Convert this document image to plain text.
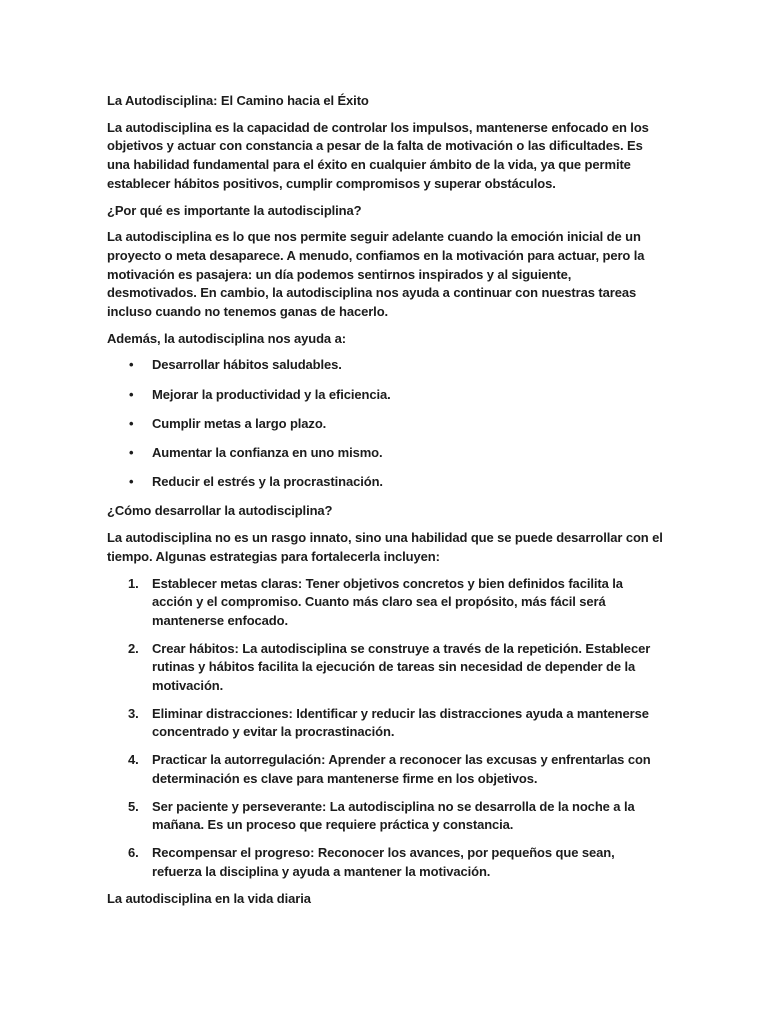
La Autodisciplina: El Camino hacia el Éxito

La autodisciplina es la capacidad de controlar los impulsos, mantenerse enfocado en los objetivos y actuar con constancia a pesar de la falta de motivación o las dificultades. Es una habilidad fundamental para el éxito en cualquier ámbito de la vida, ya que permite establecer hábitos positivos, cumplir compromisos y superar obstáculos.

¿Por qué es importante la autodisciplina?

La autodisciplina es lo que nos permite seguir adelante cuando la emoción inicial de un proyecto o meta desaparece. A menudo, confiamos en la motivación para actuar, pero la motivación es pasajera: un día podemos sentirnos inspirados y al siguiente, desmotivados. En cambio, la autodisciplina nos ayuda a continuar con nuestras tareas incluso cuando no tenemos ganas de hacerlo.

Además, la autodisciplina nos ayuda a:

• Desarrollar hábitos saludables.
• Mejorar la productividad y la eficiencia.
• Cumplir metas a largo plazo.
• Aumentar la confianza en uno mismo.
• Reducir el estrés y la procrastinación.

¿Cómo desarrollar la autodisciplina?

La autodisciplina no es un rasgo innato, sino una habilidad que se puede desarrollar con el tiempo. Algunas estrategias para fortalecerla incluyen:

1. Establecer metas claras: Tener objetivos concretos y bien definidos facilita la acción y el compromiso. Cuanto más claro sea el propósito, más fácil será mantenerse enfocado.
2. Crear hábitos: La autodisciplina se construye a través de la repetición. Establecer rutinas y hábitos facilita la ejecución de tareas sin necesidad de depender de la motivación.
3. Eliminar distracciones: Identificar y reducir las distracciones ayuda a mantenerse concentrado y evitar la procrastinación.
4. Practicar la autorregulación: Aprender a reconocer las excusas y enfrentarlas con determinación es clave para mantenerse firme en los objetivos.
5. Ser paciente y perseverante: La autodisciplina no se desarrolla de la noche a la mañana. Es un proceso que requiere práctica y constancia.
6. Recompensar el progreso: Reconocer los avances, por pequeños que sean, refuerza la disciplina y ayuda a mantener la motivación.

La autodisciplina en la vida diaria
